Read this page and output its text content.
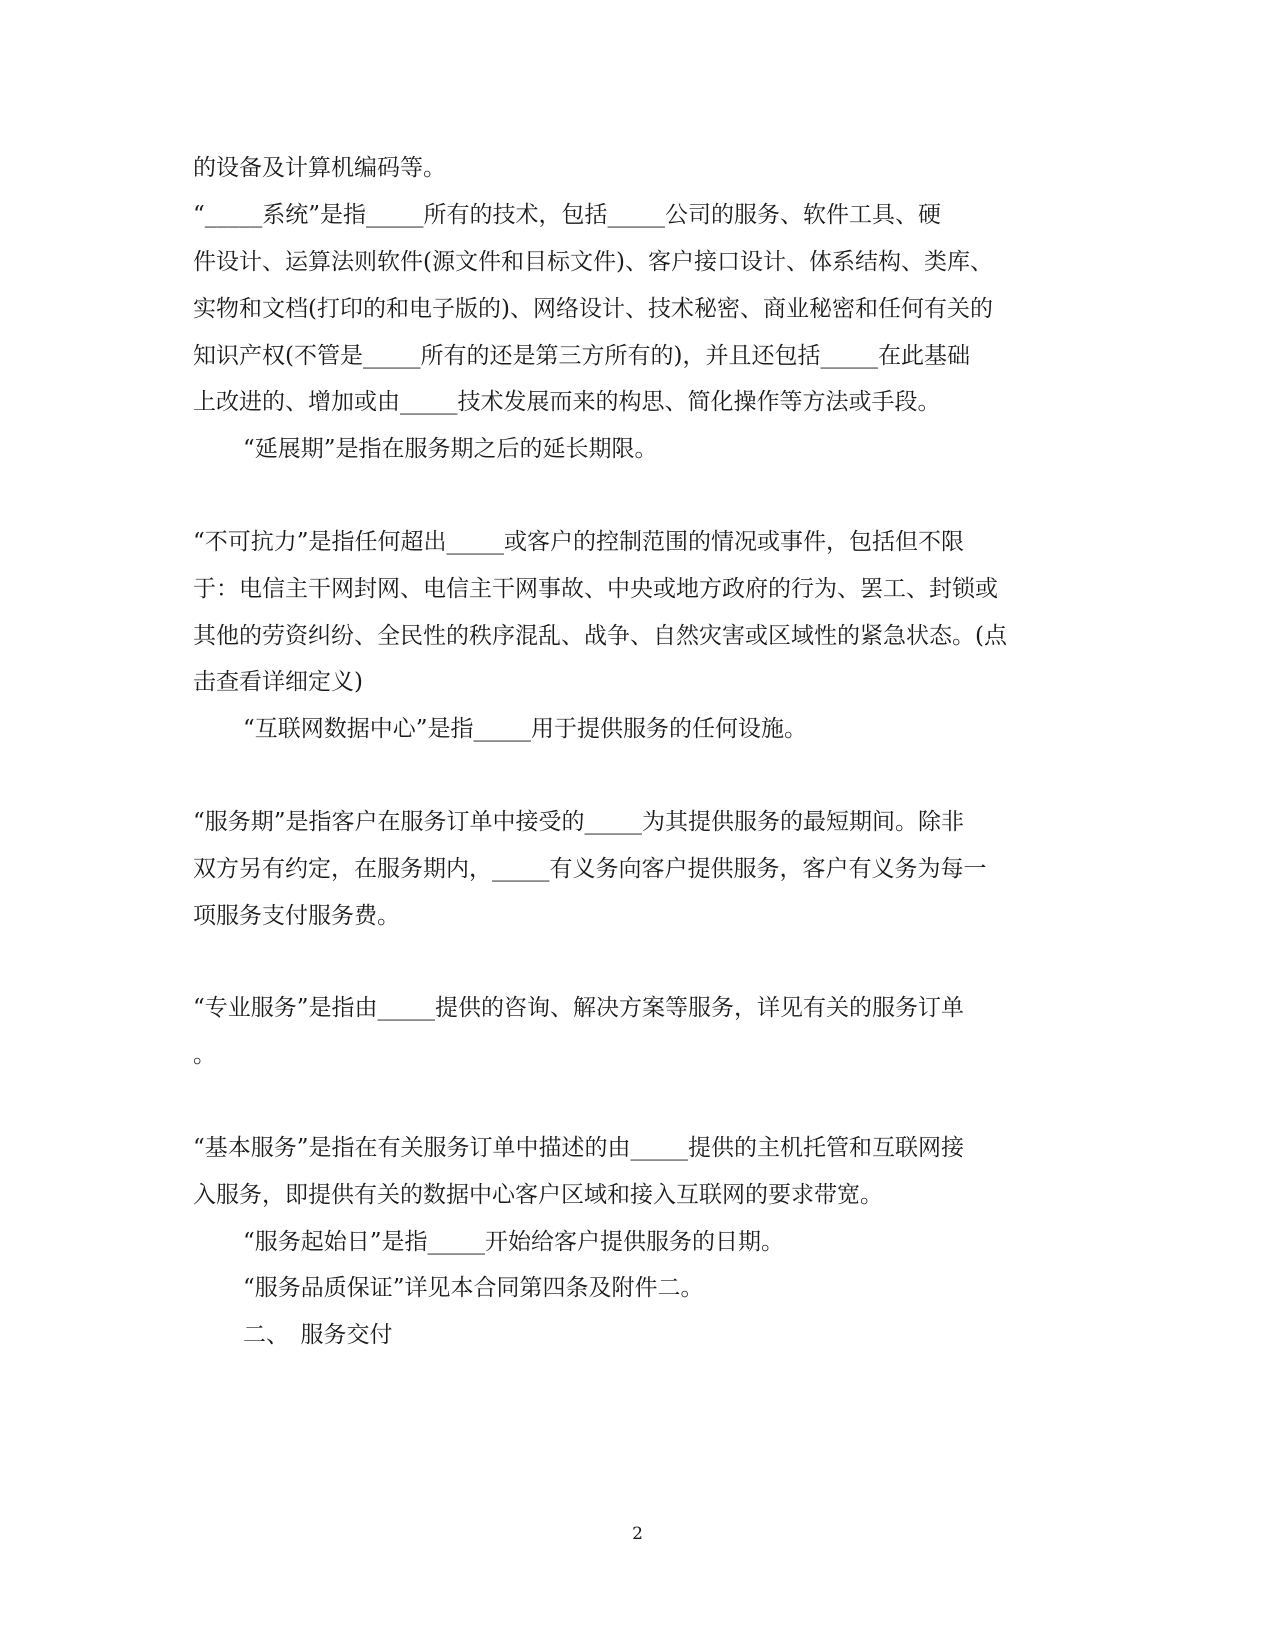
的设备及计算机编码等。
“_____系统”是指_____所有的技术，包括_____公司的服务、软件工具、硬
件设计、运算法则软件(源文件和目标文件)、客户接口设计、体系结构、类库、
实物和文档(打印的和电子版的)、网络设计、技术秘密、商业秘密和任何有关的
知识产权(不管是_____所有的还是第三方所有的)，并且还包括_____在此基础
上改进的、增加或由_____技术发展而来的构思、简化操作等方法或手段。
“延展期”是指在服务期之后的延长期限。
“不可抗力”是指任何超出_____或客户的控制范围的情况或事件，包括但不限
于：电信主干网封网、电信主干网事故、中央或地方政府的行为、罢工、封锁或
其他的劳资纠纷、全民性的秩序混乱、战争、自然灾害或区域性的紧急状态。(点
击查看详细定义)
“互联网数据中心”是指_____用于提供服务的任何设施。
“服务期”是指客户在服务订单中接受的_____为其提供服务的最短期间。除非
双方另有约定，在服务期内，_____有义务向客户提供服务，客户有义务为每一
项服务支付服务费。
“专业服务”是指由_____提供的咨询、解决方案等服务，详见有关的服务订单
。
“基本服务”是指在有关服务订单中描述的由_____提供的主机托管和互联网接
入服务，即提供有关的数据中心客户区域和接入互联网的要求带宽。
“服务起始日”是指_____开始给客户提供服务的日期。
“服务品质保证”详见本合同第四条及附件二。
二、　服务交付
2
